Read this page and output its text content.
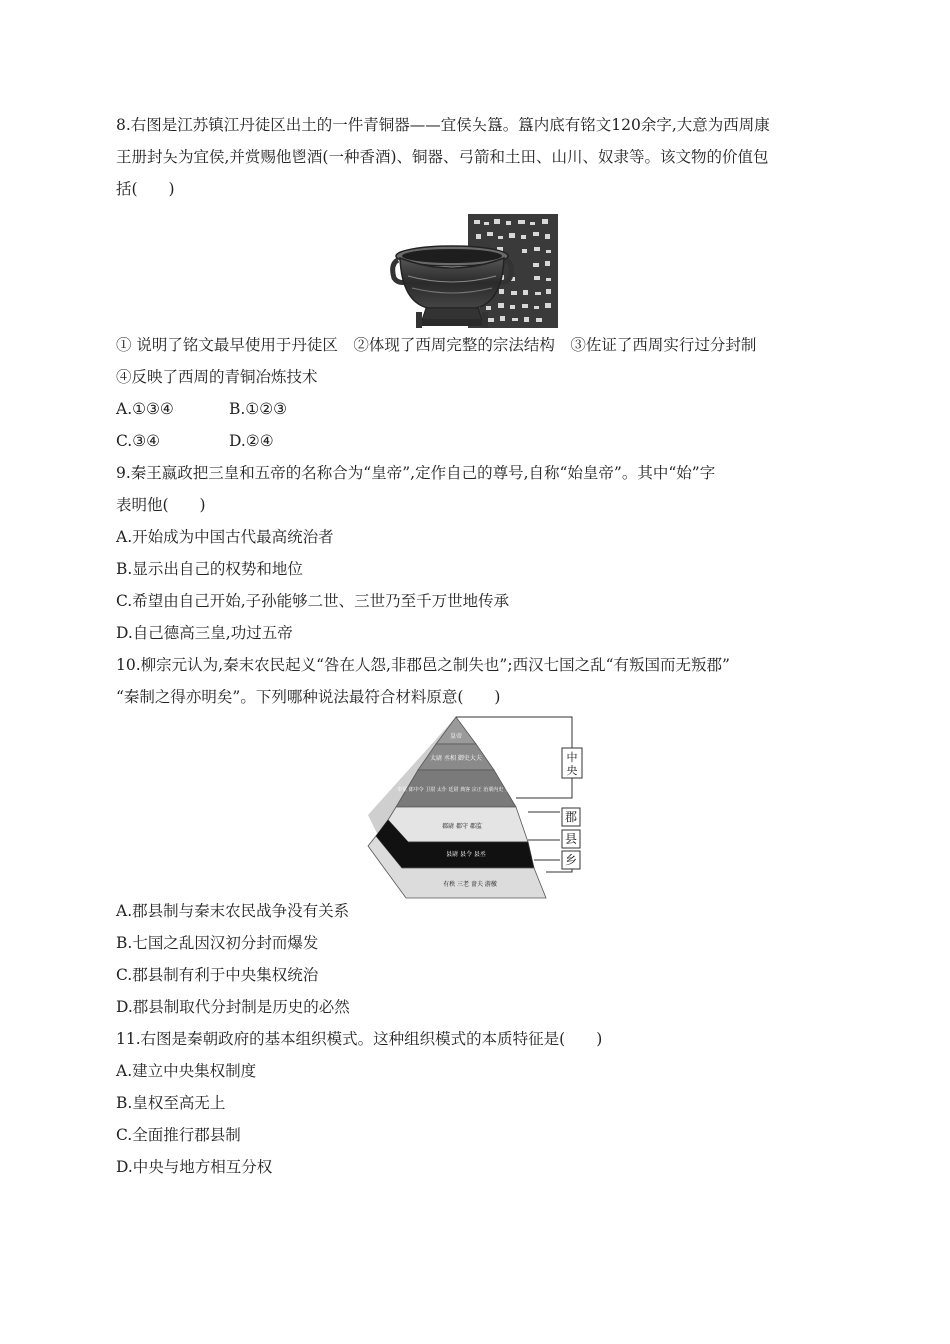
8.右图是江苏镇江丹徒区出土的一件青铜器——宜侯夨簋。簋内底有铭文120余字,大意为西周康
王册封夨为宜侯,并赏赐他鬯酒(一种香酒)、铜器、弓箭和土田、山川、奴隶等。该文物的价值包
括(　　)
① 说明了铭文最早使用于丹徒区　②体现了西周完整的宗法结构　③佐证了西周实行过分封制
④反映了西周的青铜冶炼技术
A.①③④	B.①②③
C.③④	D.②④
9.秦王嬴政把三皇和五帝的名称合为“皇帝”,定作自己的尊号,自称“始皇帝”。其中“始”字
表明他(　　)
A.开始成为中国古代最高统治者
B.显示出自己的权势和地位
C.希望由自己开始,子孙能够二世、三世乃至千万世地传承
D.自己德高三皇,功过五帝
10.柳宗元认为,秦末农民起义“咎在人怨,非郡邑之制失也”;西汉七国之乱“有叛国而无叛郡”
“秦制之得亦明矣”。下列哪种说法最符合材料原意(　　)
中央
郡
县
乡
皇帝
太尉 丞相 御史大夫
奉常 郎中令 卫尉 太仆 廷尉 典客 宗正 治粟内史 少府
郡尉 郡守 郡监
县尉 县令 县丞
有秩 三老 啬夫 游徼
A.郡县制与秦末农民战争没有关系
B.七国之乱因汉初分封而爆发
C.郡县制有利于中央集权统治
D.郡县制取代分封制是历史的必然
11.右图是秦朝政府的基本组织模式。这种组织模式的本质特征是(　　)
A.建立中央集权制度
B.皇权至高无上
C.全面推行郡县制
D.中央与地方相互分权
